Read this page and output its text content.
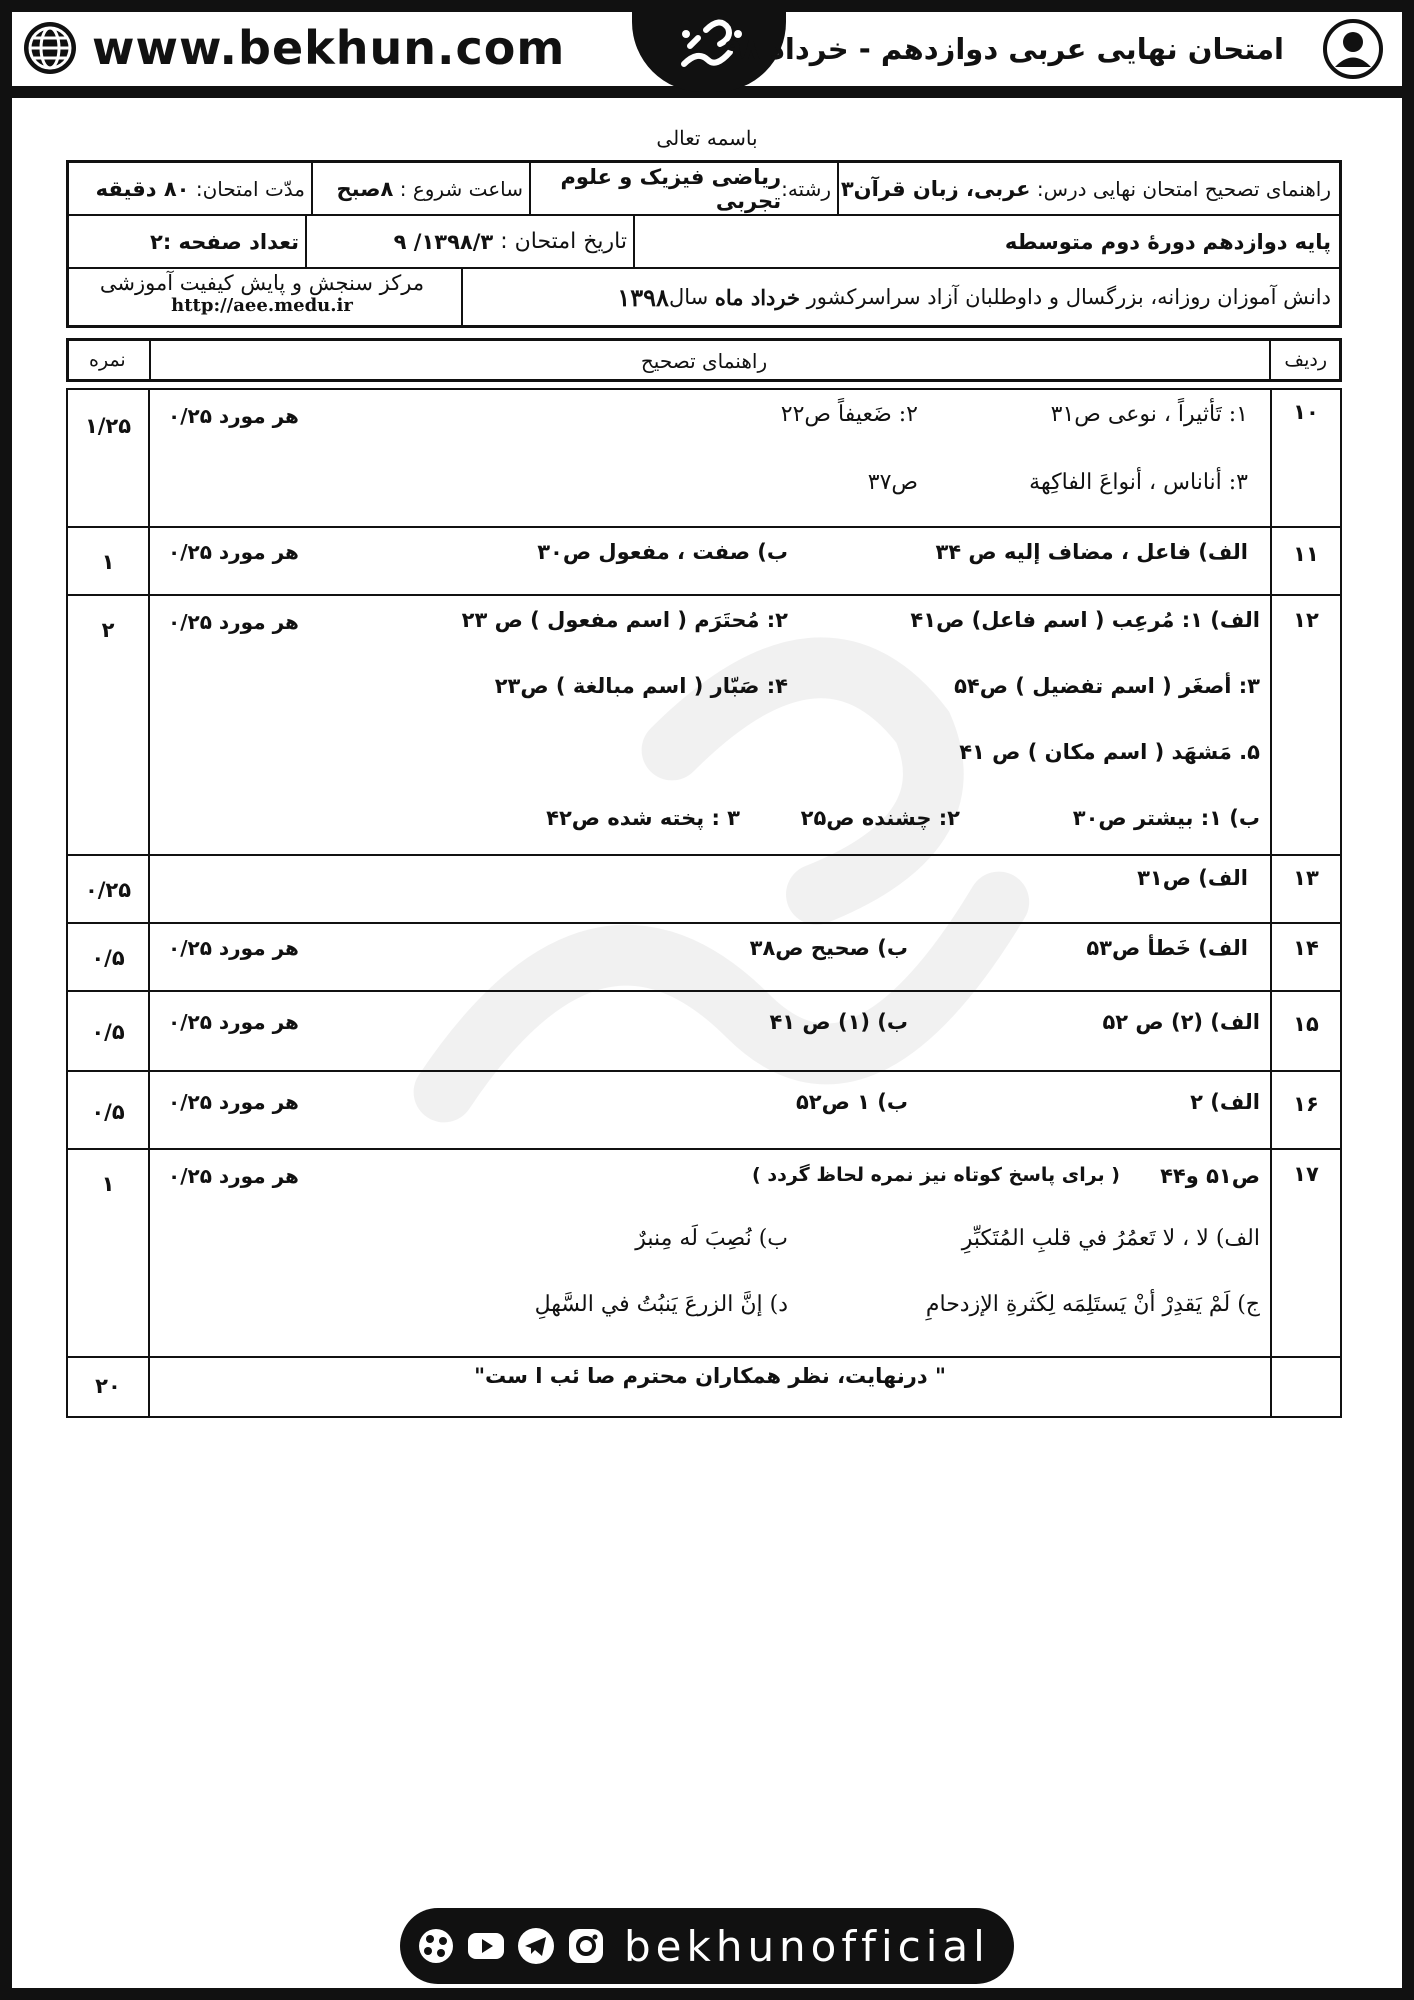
www.bekhun.com	امتحان نهایی عربی دوازدهم - خرداد ۹۸
باسمه تعالی
راهنمای تصحیح امتحان نهایی درس:

عربی، زبان قرآن۳
رشته:
ریاضی فیزیک و علوم تجربی
ساعت شروع :

۸صبح
مدّت امتحان:

۸۰ دقیقه
پایه

دوازدهم

دورۀ دوم متوسطه
تاریخ امتحان :

۱۳۹۸/۳/ ۹
تعداد صفحه :
۲
دانش آموزان روزانه، بزرگسال و داوطلبان آزاد سراسرکشور

خرداد ماه

سال
۱۳۹۸
مرکز سنجش و پایش کیفیت آموزشی
http://aee.medu.ir
ردیف
راهنمای تصحیح
نمره
۱۰
۱/۲۵	هر مورد ۰/۲۵	۱: تَأثيراً ، نوعی ص۳۱
۲: ضَعيفاً ص۲۲
۳: أناناس ، أنواعَ الفاكِهة
ص۳۷
۱۱
۱	هر مورد ۰/۲۵	الف) فاعل ، مضاف إليه ص ۳۴
ب) صفت ، مفعول ص۳۰
۱۲
۲	هر مورد ۰/۲۵	الف) ۱: مُرعِب ( اسم فاعل) ص۴۱
۲: مُحتَرَم ( اسم مفعول ) ص ۲۳
۳: أصغَر ( اسم تفضيل ) ص۵۴
۴: صَبّار ( اسم مبالغة ) ص۲۳
۵. مَشهَد ( اسم مكان ) ص ۴۱
ب) ۱: بيشتر ص۳۰
۲: چشنده ص۲۵
۳ : پخته شده ص۴۲
۱۳
۰/۲۵	الف) ص۳۱
۱۴
۰/۵	هر مورد ۰/۲۵	الف) خَطأ ص۵۳
ب) صحیح ص۳۸
۱۵
۰/۵	هر مورد ۰/۲۵	الف) (۲) ص ۵۲
ب) (۱) ص ۴۱
۱۶
۰/۵	هر مورد ۰/۲۵	الف) ۲
ب) ۱ ص۵۲
۱۷
۱	هر مورد ۰/۲۵	ص۵۱ و۴۴
( برای پاسخ کوتاه نیز نمره لحاظ گردد )
الف) لا ، لا تَعمُرُ في قلبِ المُتَكبِّرِ
ب) نُصِبَ لَه مِنبرٌ
ج) لَمْ يَقدِرْ أنْ يَستَلِمَه لِكَثرةِ الإزدحامِ
د) إنَّ الزرعَ يَنبُتُ في السَّهلِ
۲۰	" درنهایت، نظر همکاران محترم صا ئب ا ست"
bekhunofficial
